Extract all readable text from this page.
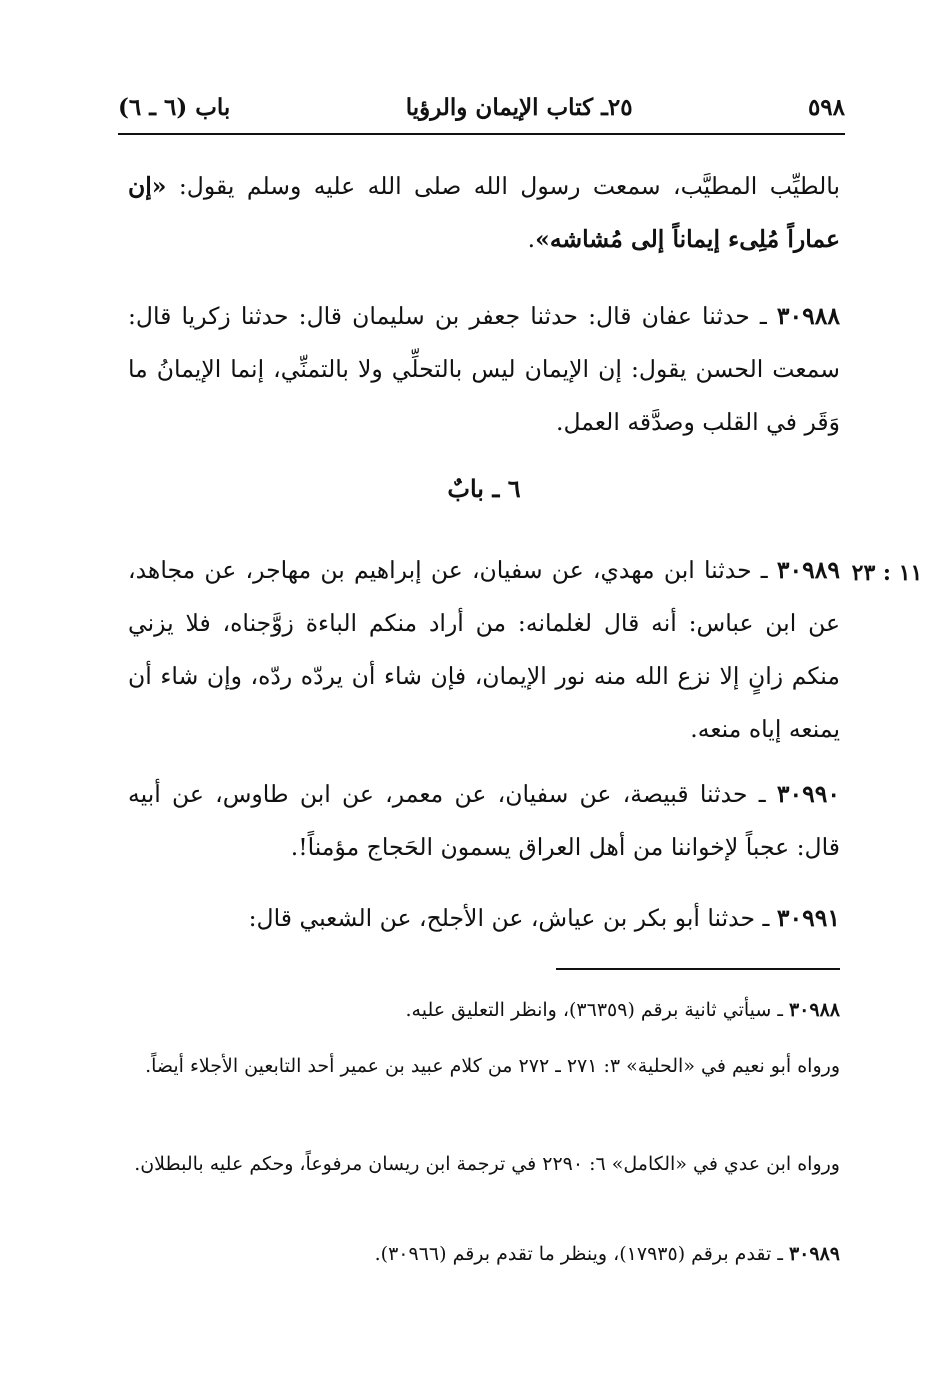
٥٩٨
٢٥ـ كتاب الإيمان والرؤيا
باب (٦ ـ ٦)

بالطيِّب المطيَّب، سمعت رسول الله صلى الله عليه وسلم يقول: «إن عماراً مُلِىء إيماناً إلى مُشاشه».

٣٠٩٨٨ ـ حدثنا عفان قال: حدثنا جعفر بن سليمان قال: حدثنا زكريا قال: سمعت الحسن يقول: إن الإيمان ليس بالتحلِّي ولا بالتمنِّي، إنما الإيمانُ ما وَقَر في القلب وصدَّقه العمل.

٦ ـ بابٌ
١١ : ٢٣

٣٠٩٨٩ ـ حدثنا ابن مهدي، عن سفيان، عن إبراهيم بن مهاجر، عن مجاهد، عن ابن عباس: أنه قال لغلمانه: من أراد منكم الباءة زوَّجناه، فلا يزني منكم زانٍ إلا نزع الله منه نور الإيمان، فإن شاء أن يردّه ردّه، وإن شاء أن يمنعه إياه منعه.

٣٠٩٩٠ ـ حدثنا قبيصة، عن سفيان، عن معمر، عن ابن طاوس، عن أبيه قال: عجباً لإخواننا من أهل العراق يسمون الحَجاج مؤمناً!.

٣٠٩٩١ ـ حدثنا أبو بكر بن عياش، عن الأجلح، عن الشعبي قال:

٣٠٩٨٨ ـ سيأتي ثانية برقم (٣٦٣٥٩)، وانظر التعليق عليه.

ورواه أبو نعيم في «الحلية» ٣: ٢٧١ ـ ٢٧٢ من كلام عبيد بن عمير أحد التابعين الأجلاء أيضاً.

ورواه ابن عدي في «الكامل» ٦: ٢٢٩٠ في ترجمة ابن ريسان مرفوعاً، وحكم عليه بالبطلان.

٣٠٩٨٩ ـ تقدم برقم (١٧٩٣٥)، وينظر ما تقدم برقم (٣٠٩٦٦).
